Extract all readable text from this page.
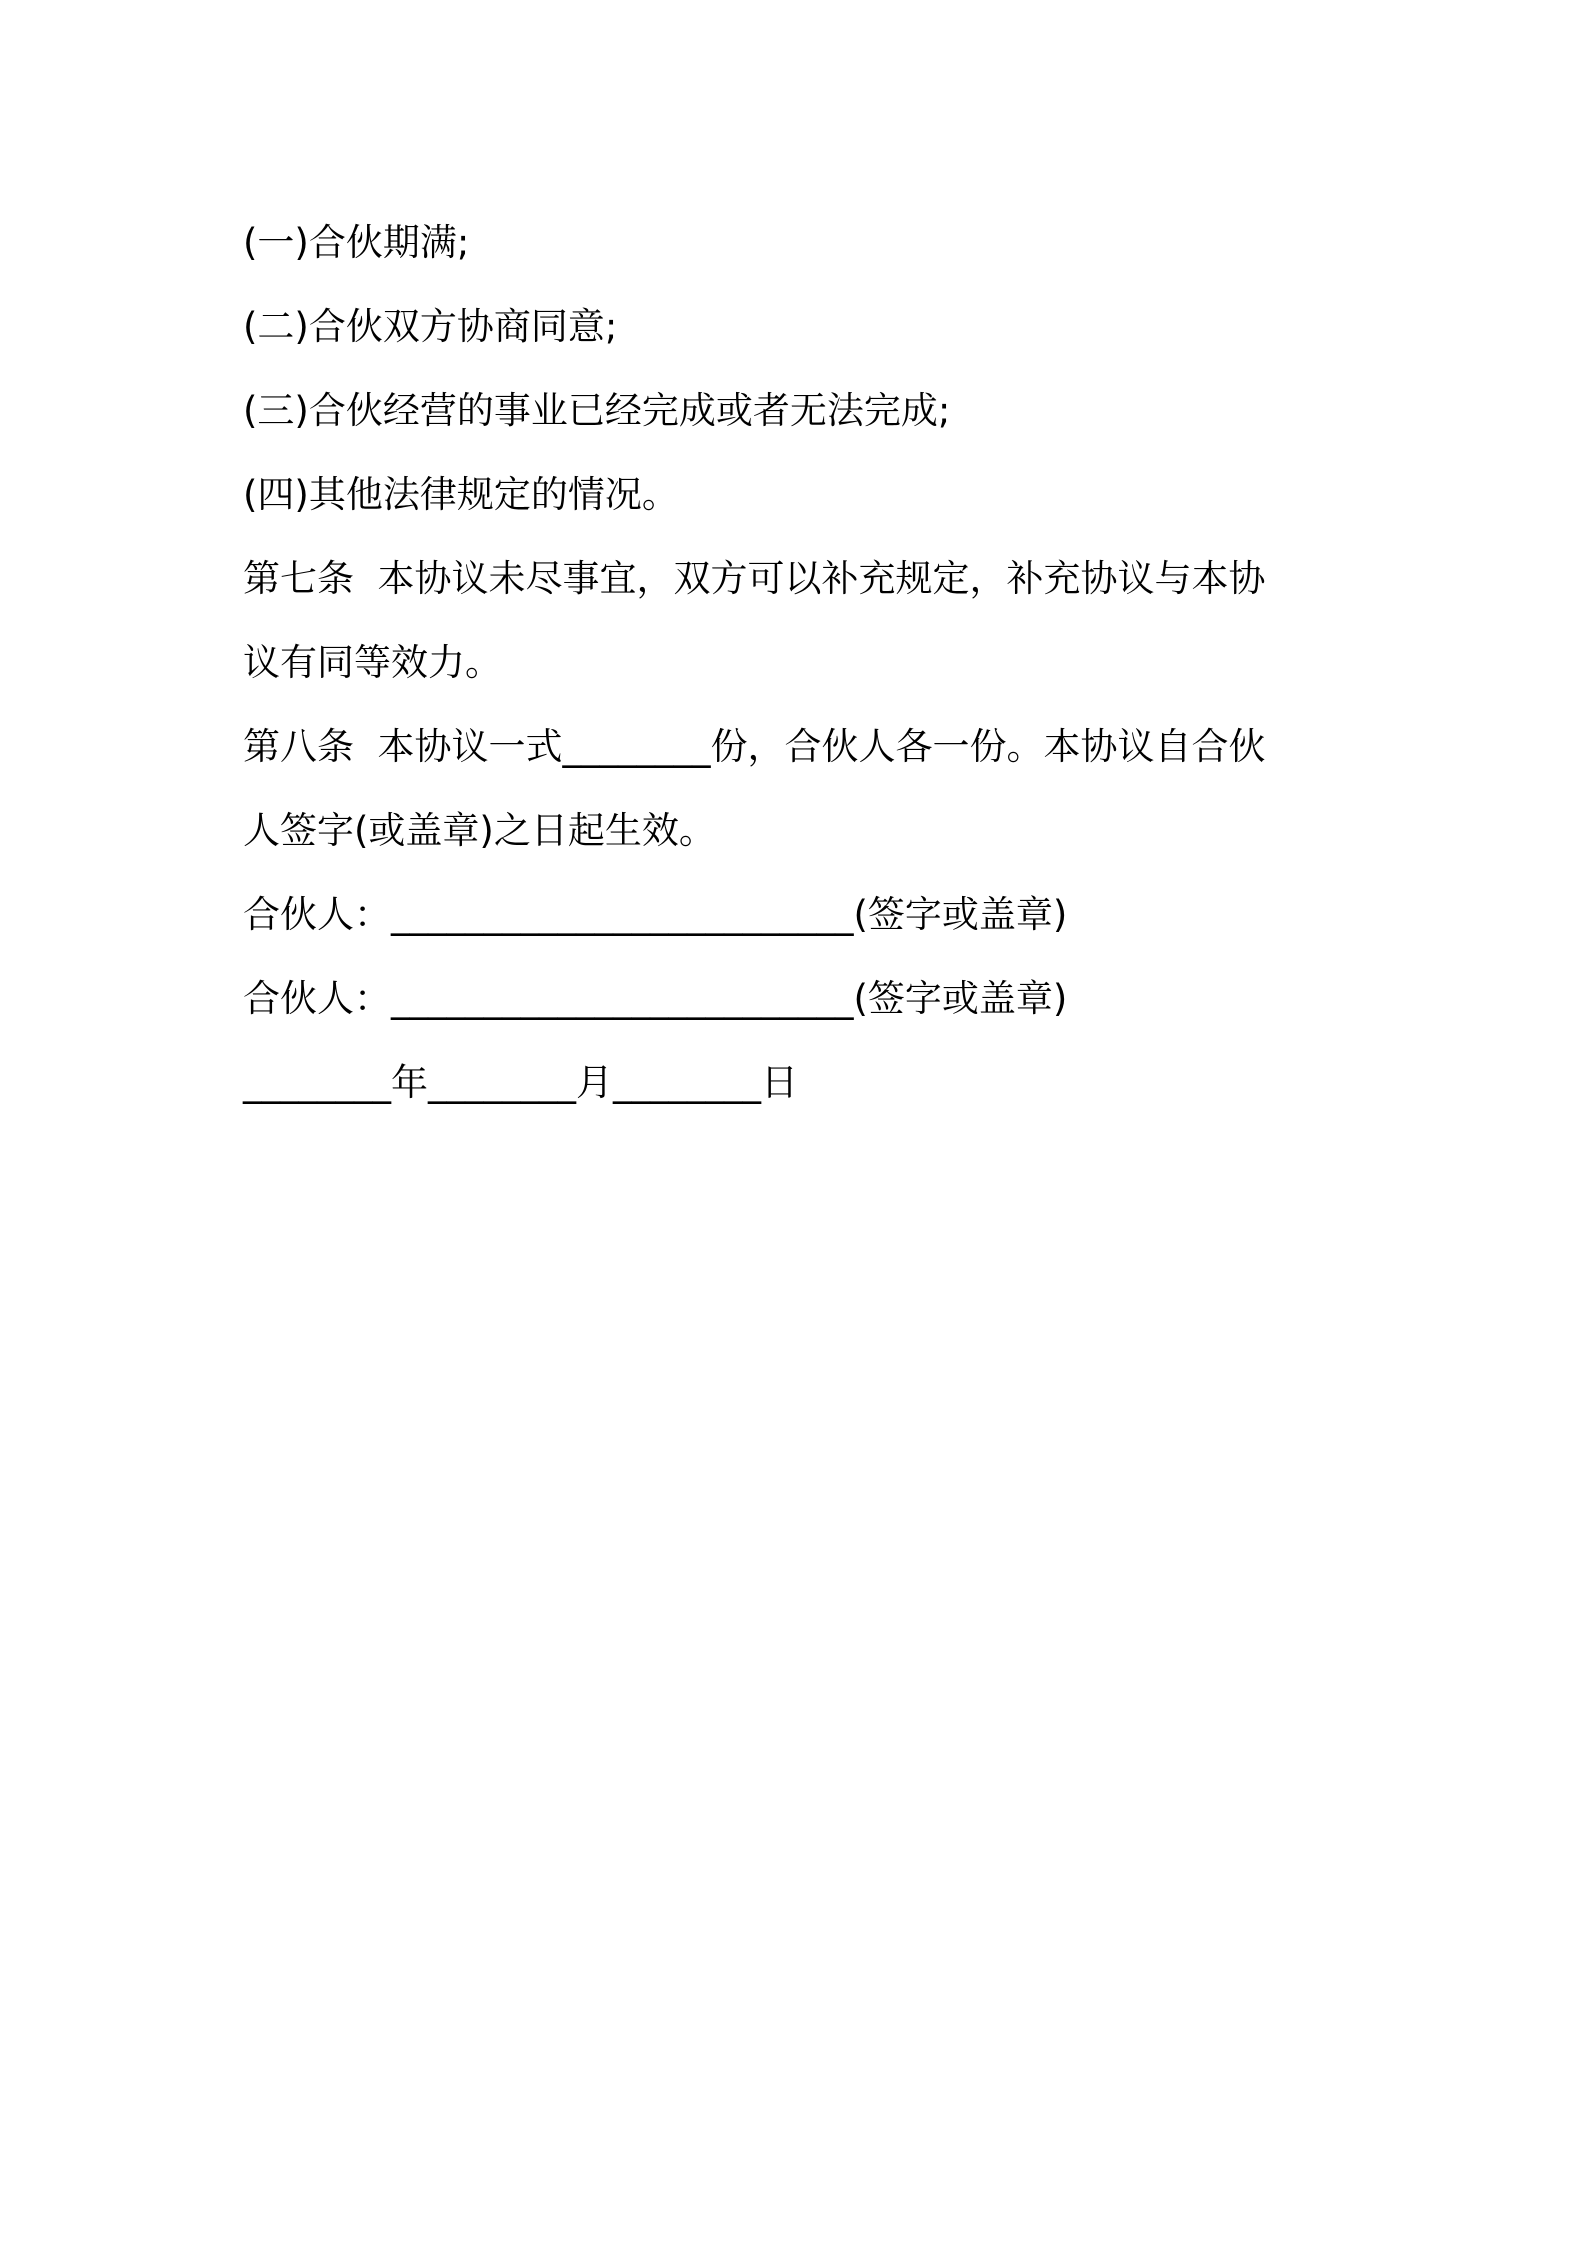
(一)合伙期满;
(二)合伙双方协商同意;
(三)合伙经营的事业已经完成或者无法完成;
(四)其他法律规定的情况。
第七条  本协议未尽事宜，双方可以补充规定，补充协议与本协
议有同等效力。
第八条  本协议一式________份，合伙人各一份。本协议自合伙
人签字(或盖章)之日起生效。
合伙人：_________________________(签字或盖章)
合伙人：_________________________(签字或盖章)
________年________月________日
